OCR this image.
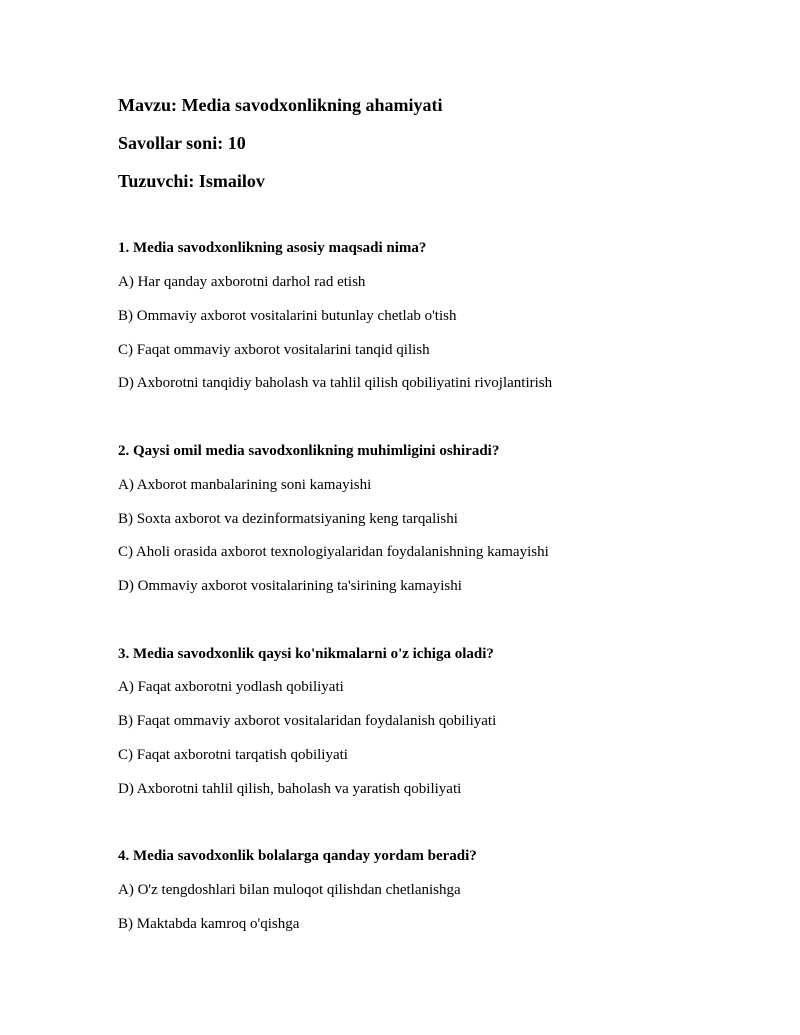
Mavzu: Media savodxonlikning ahamiyati
Savollar soni: 10
Tuzuvchi: Ismailov
1. Media savodxonlikning asosiy maqsadi nima?
A) Har qanday axborotni darhol rad etish
B) Ommaviy axborot vositalarini butunlay chetlab o'tish
C) Faqat ommaviy axborot vositalarini tanqid qilish
D) Axborotni tanqidiy baholash va tahlil qilish qobiliyatini rivojlantirish
2. Qaysi omil media savodxonlikning muhimligini oshiradi?
A) Axborot manbalarining soni kamayishi
B) Soxta axborot va dezinformatsiyaning keng tarqalishi
C) Aholi orasida axborot texnologiyalaridan foydalanishning kamayishi
D) Ommaviy axborot vositalarining ta'sirining kamayishi
3. Media savodxonlik qaysi ko'nikmalarni o'z ichiga oladi?
A) Faqat axborotni yodlash qobiliyati
B) Faqat ommaviy axborot vositalaridan foydalanish qobiliyati
C) Faqat axborotni tarqatish qobiliyati
D) Axborotni tahlil qilish, baholash va yaratish qobiliyati
4. Media savodxonlik bolalarga qanday yordam beradi?
A) O'z tengdoshlari bilan muloqot qilishdan chetlanishga
B) Maktabda kamroq o'qishga
